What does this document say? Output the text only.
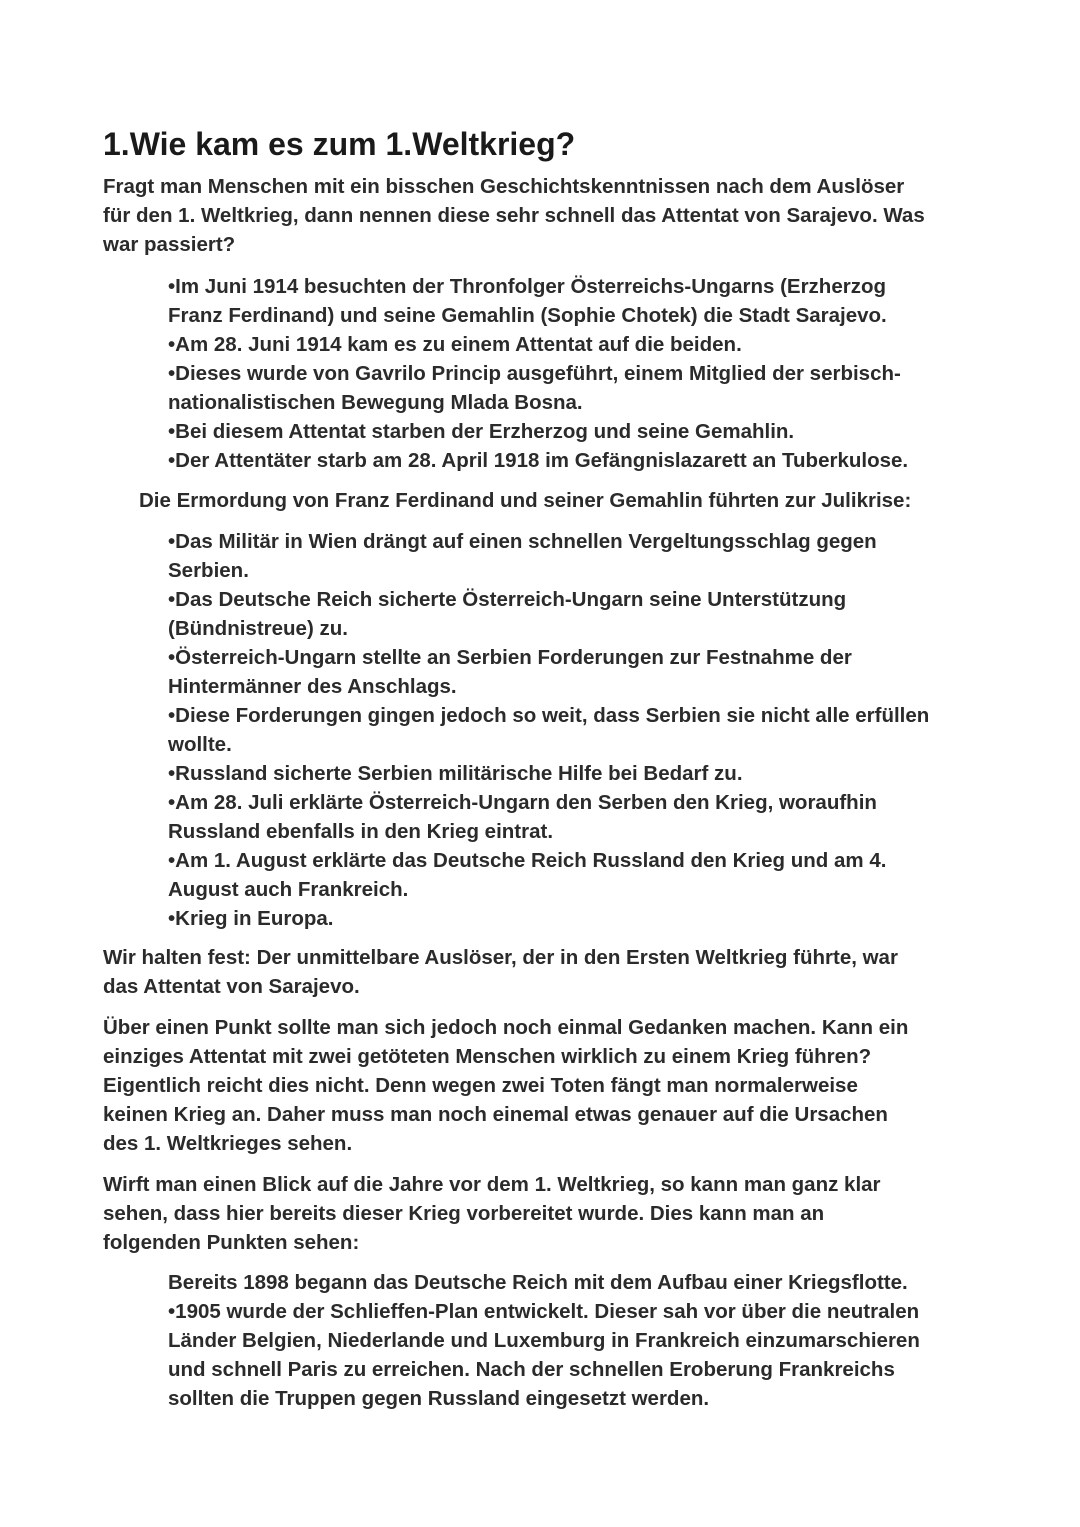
1.Wie kam es zum 1.Weltkrieg?

Fragt man Menschen mit ein bisschen Geschichtskenntnissen nach dem Auslöser
für den 1. Weltkrieg, dann nennen diese sehr schnell das Attentat von Sarajevo. Was
war passiert?

•Im Juni 1914 besuchten der Thronfolger Österreichs-Ungarns (Erzherzog
Franz Ferdinand) und seine Gemahlin (Sophie Chotek) die Stadt Sarajevo.
•Am 28. Juni 1914 kam es zu einem Attentat auf die beiden.
•Dieses wurde von Gavrilo Princip ausgeführt, einem Mitglied der serbisch-
nationalistischen Bewegung Mlada Bosna.
•Bei diesem Attentat starben der Erzherzog und seine Gemahlin.
•Der Attentäter starb am 28. April 1918 im Gefängnislazarett an Tuberkulose.

Die Ermordung von Franz Ferdinand und seiner Gemahlin führten zur Julikrise:

•Das Militär in Wien drängt auf einen schnellen Vergeltungsschlag gegen
Serbien.
•Das Deutsche Reich sicherte Österreich-Ungarn seine Unterstützung
(Bündnistreue) zu.
•Österreich-Ungarn stellte an Serbien Forderungen zur Festnahme der
Hintermänner des Anschlags.
•Diese Forderungen gingen jedoch so weit, dass Serbien sie nicht alle erfüllen
wollte.
•Russland sicherte Serbien militärische Hilfe bei Bedarf zu.
•Am 28. Juli erklärte Österreich-Ungarn den Serben den Krieg, woraufhin
Russland ebenfalls in den Krieg eintrat.
•Am 1. August erklärte das Deutsche Reich Russland den Krieg und am 4.
August auch Frankreich.
•Krieg in Europa.

Wir halten fest: Der unmittelbare Auslöser, der in den Ersten Weltkrieg führte, war
das Attentat von Sarajevo.

Über einen Punkt sollte man sich jedoch noch einmal Gedanken machen. Kann ein
einziges Attentat mit zwei getöteten Menschen wirklich zu einem Krieg führen?
Eigentlich reicht dies nicht. Denn wegen zwei Toten fängt man normalerweise
keinen Krieg an. Daher muss man noch einemal etwas genauer auf die Ursachen
des 1. Weltkrieges sehen.

Wirft man einen Blick auf die Jahre vor dem 1. Weltkrieg, so kann man ganz klar
sehen, dass hier bereits dieser Krieg vorbereitet wurde. Dies kann man an
folgenden Punkten sehen:

Bereits 1898 begann das Deutsche Reich mit dem Aufbau einer Kriegsflotte.
•1905 wurde der Schlieffen-Plan entwickelt. Dieser sah vor über die neutralen
Länder Belgien, Niederlande und Luxemburg in Frankreich einzumarschieren
und schnell Paris zu erreichen. Nach der schnellen Eroberung Frankreichs
sollten die Truppen gegen Russland eingesetzt werden.
